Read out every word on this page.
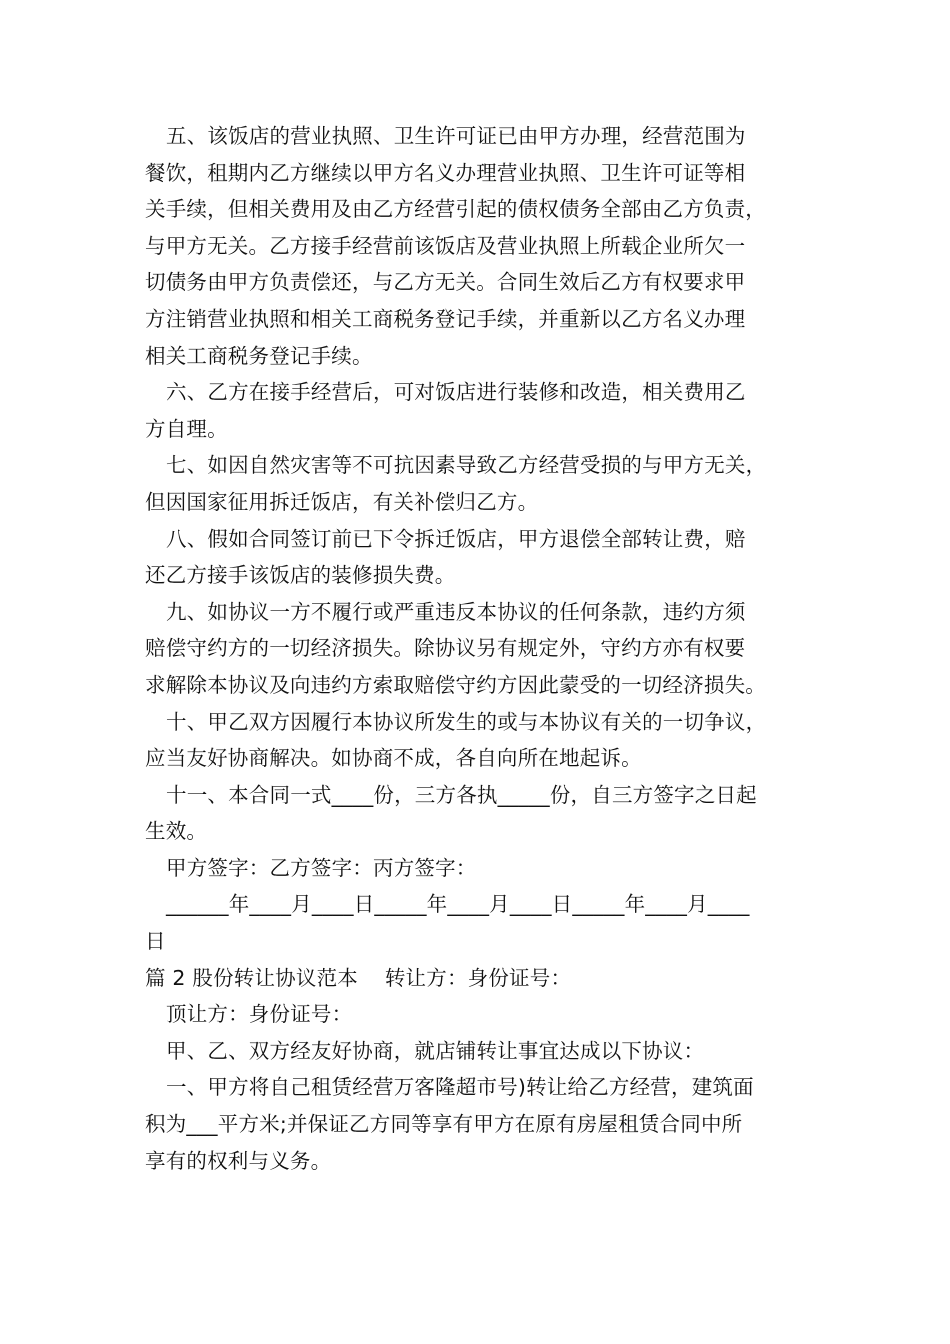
五、该饭店的营业执照、卫生许可证已由甲方办理，经营范围为
餐饮，租期内乙方继续以甲方名义办理营业执照、卫生许可证等相
关手续，但相关费用及由乙方经营引起的债权债务全部由乙方负责，
与甲方无关。乙方接手经营前该饭店及营业执照上所载企业所欠一
切债务由甲方负责偿还，与乙方无关。合同生效后乙方有权要求甲
方注销营业执照和相关工商税务登记手续，并重新以乙方名义办理
相关工商税务登记手续。
六、乙方在接手经营后，可对饭店进行装修和改造，相关费用乙
方自理。
七、如因自然灾害等不可抗因素导致乙方经营受损的与甲方无关，
但因国家征用拆迁饭店，有关补偿归乙方。
八、假如合同签订前已下令拆迁饭店，甲方退偿全部转让费，赔
还乙方接手该饭店的装修损失费。
九、如协议一方不履行或严重违反本协议的任何条款，违约方须
赔偿守约方的一切经济损失。除协议另有规定外，守约方亦有权要
求解除本协议及向违约方索取赔偿守约方因此蒙受的一切经济损失。
十、甲乙双方因履行本协议所发生的或与本协议有关的一切争议，
应当友好协商解决。如协商不成，各自向所在地起诉。
十一、本合同一式____份，三方各执_____份，自三方签字之日起
生效。
甲方签字：乙方签字：丙方签字：
______年____月____日_____年____月____日_____年____月____
日
篇 2 股份转让协议范本    转让方：身份证号：
顶让方：身份证号：
甲、乙、双方经友好协商，就店铺转让事宜达成以下协议：
一、甲方将自己租赁经营万客隆超市号)转让给乙方经营，建筑面
积为___平方米;并保证乙方同等享有甲方在原有房屋租赁合同中所
享有的权利与义务。
